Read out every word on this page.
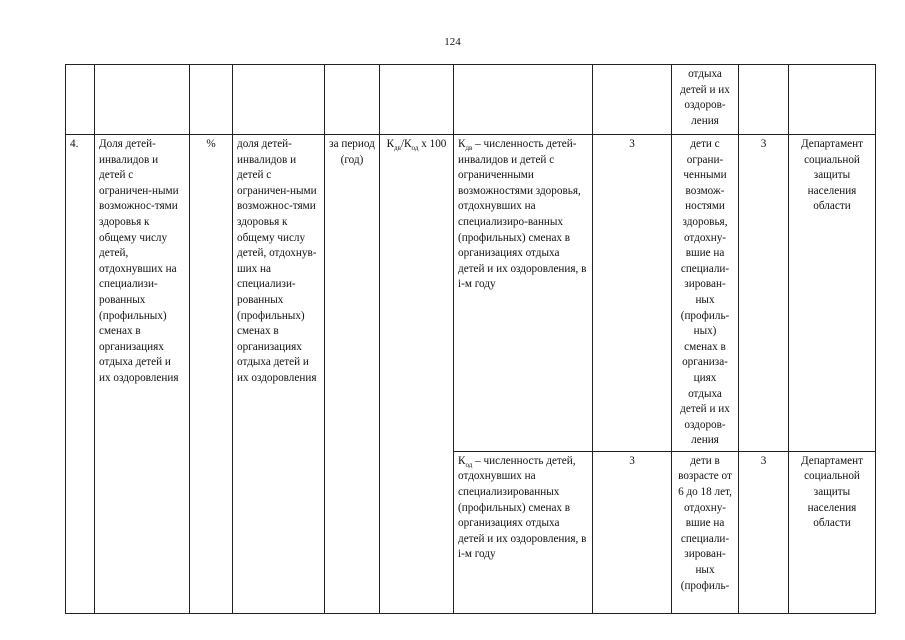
124
								отдыха детей и их оздоров-ления		
4.	Доля детей-инвалидов и детей с ограничен-ными возможнос-тями здоровья к общему числу детей, отдохнувших на специализи-рованных (профильных) сменах в организациях отдыха детей и их оздоровления	%	доля детей-инвалидов и детей с ограничен-ными возможнос-тями здоровья к общему числу детей, отдохнув-ших на специализи-рованных (профильных) сменах в организациях отдыха детей и их оздоровления	за период (год)	$К_{дв}/К_{од}$ х 100	$К_{дв}$ – численность детей-инвалидов и детей с ограниченными возможностями здоровья, отдохнувших на специализиро-ванных (профильных) сменах в организациях отдыха детей и их оздоровления, в i-м году	3	дети с ограни-ченными возмож-ностями здоровья, отдохну-вшие на специали-зирован-ных (профиль-ных) сменах в организа-циях отдыха детей и их оздоров-ления	3	Департамент социальной защиты населения области
						$К_{од}$ – численность детей, отдохнувших на специализированных (профильных) сменах в организациях отдыха детей и их оздоровления, в i-м году	3	дети в возрасте от 6 до 18 лет, отдохну-вшие на специали-зирован-ных (профиль-	3	Департамент социальной защиты населения области
